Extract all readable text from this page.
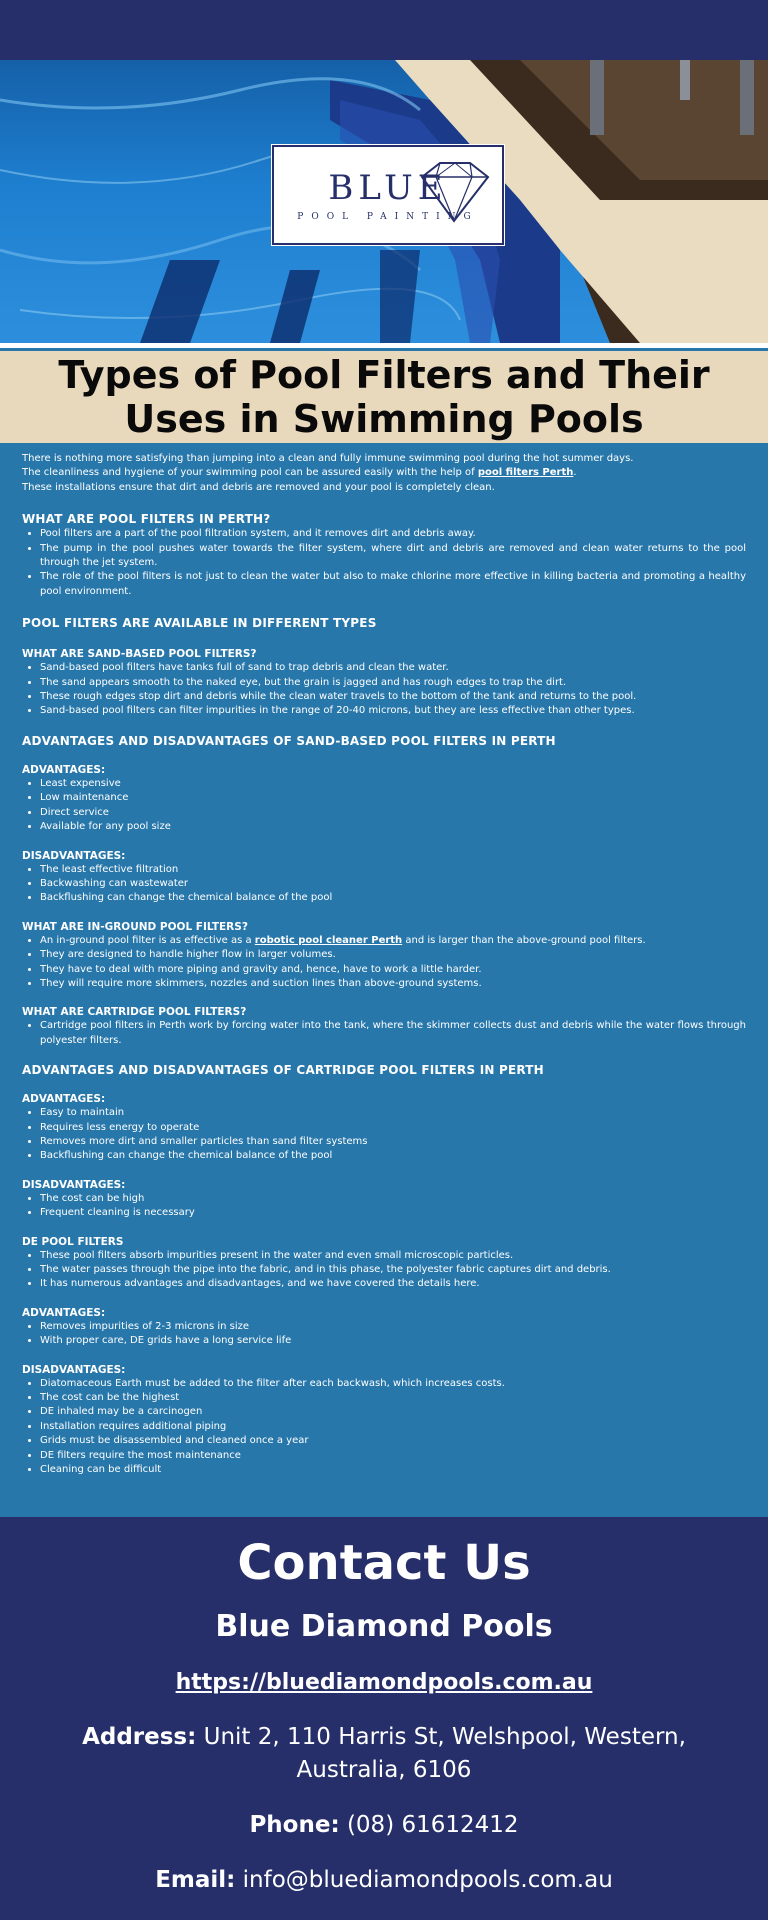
BLUE
POOL PAINTING
Types of Pool Filters and Their Uses in Swimming Pools

There is nothing more satisfying than jumping into a clean and fully immune swimming pool during the hot summer days.

The cleanliness and hygiene of your swimming pool can be assured easily with the help of pool filters Perth.

These installations ensure that dirt and debris are removed and your pool is completely clean.

WHAT ARE POOL FILTERS IN PERTH?
• Pool filters are a part of the pool filtration system, and it removes dirt and debris away.
• The pump in the pool pushes water towards the filter system, where dirt and debris are removed and clean water returns to the pool through the jet system.
• The role of the pool filters is not just to clean the water but also to make chlorine more effective in killing bacteria and promoting a healthy pool environment.
POOL FILTERS ARE AVAILABLE IN DIFFERENT TYPES
WHAT ARE SAND-BASED POOL FILTERS?
• Sand-based pool filters have tanks full of sand to trap debris and clean the water.
• The sand appears smooth to the naked eye, but the grain is jagged and has rough edges to trap the dirt.
• These rough edges stop dirt and debris while the clean water travels to the bottom of the tank and returns to the pool.
• Sand-based pool filters can filter impurities in the range of 20-40 microns, but they are less effective than other types.
ADVANTAGES AND DISADVANTAGES OF SAND-BASED POOL FILTERS IN PERTH
ADVANTAGES:
• Least expensive
• Low maintenance
• Direct service
• Available for any pool size
DISADVANTAGES:
• The least effective filtration
• Backwashing can wastewater
• Backflushing can change the chemical balance of the pool
WHAT ARE IN-GROUND POOL FILTERS?
• An in-ground pool filter is as effective as a robotic pool cleaner Perth and is larger than the above-ground pool filters.
• They are designed to handle higher flow in larger volumes.
• They have to deal with more piping and gravity and, hence, have to work a little harder.
• They will require more skimmers, nozzles and suction lines than above-ground systems.
WHAT ARE CARTRIDGE POOL FILTERS?
• Cartridge pool filters in Perth work by forcing water into the tank, where the skimmer collects dust and debris while the water flows through polyester filters.
ADVANTAGES AND DISADVANTAGES OF CARTRIDGE POOL FILTERS IN PERTH
ADVANTAGES:
• Easy to maintain
• Requires less energy to operate
• Removes more dirt and smaller particles than sand filter systems
• Backflushing can change the chemical balance of the pool
DISADVANTAGES:
• The cost can be high
• Frequent cleaning is necessary
DE POOL FILTERS
• These pool filters absorb impurities present in the water and even small microscopic particles.
• The water passes through the pipe into the fabric, and in this phase, the polyester fabric captures dirt and debris.
• It has numerous advantages and disadvantages, and we have covered the details here.
ADVANTAGES:
• Removes impurities of 2-3 microns in size
• With proper care, DE grids have a long service life
DISADVANTAGES:
• Diatomaceous Earth must be added to the filter after each backwash, which increases costs.
• The cost can be the highest
• DE inhaled may be a carcinogen
• Installation requires additional piping
• Grids must be disassembled and cleaned once a year
• DE filters require the most maintenance
• Cleaning can be difficult
Contact Us
Blue Diamond Pools
https://bluediamondpools.com.au
Address: Unit 2, 110 Harris St, Welshpool, Western, Australia, 6106
Phone: (08) 61612412
Email: info@bluediamondpools.com.au
